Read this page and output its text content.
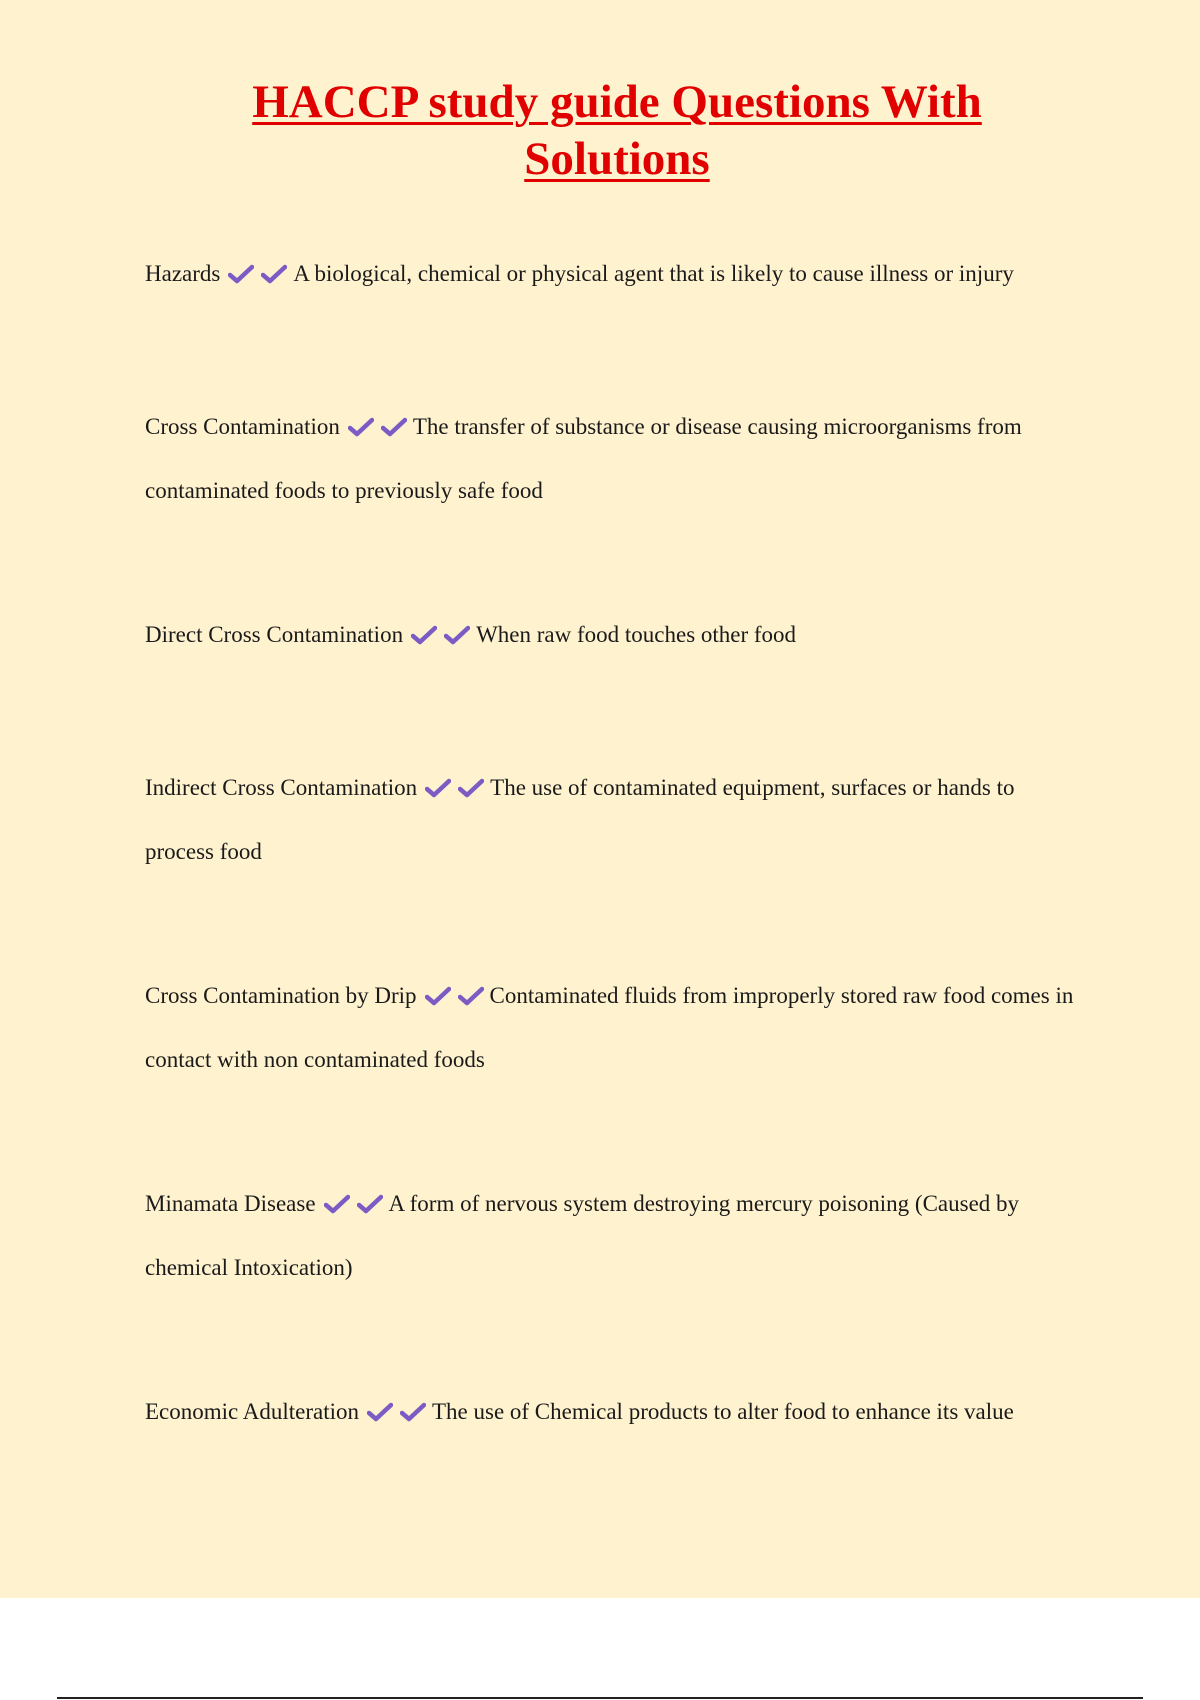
HACCP study guide Questions With Solutions

Hazards	A biological, chemical or physical agent that is likely to cause illness or injury

Cross Contamination	The transfer of substance or disease causing microorganisms from contaminated foods to previously safe food

Direct Cross Contamination	When raw food touches other food

Indirect Cross Contamination	The use of contaminated equipment, surfaces or hands to process food

Cross Contamination by Drip	Contaminated fluids from improperly stored raw food comes in contact with non contaminated foods

Minamata Disease	A form of nervous system destroying mercury poisoning (Caused by chemical Intoxication)

Economic Adulteration	The use of Chemical products to alter food to enhance its value
